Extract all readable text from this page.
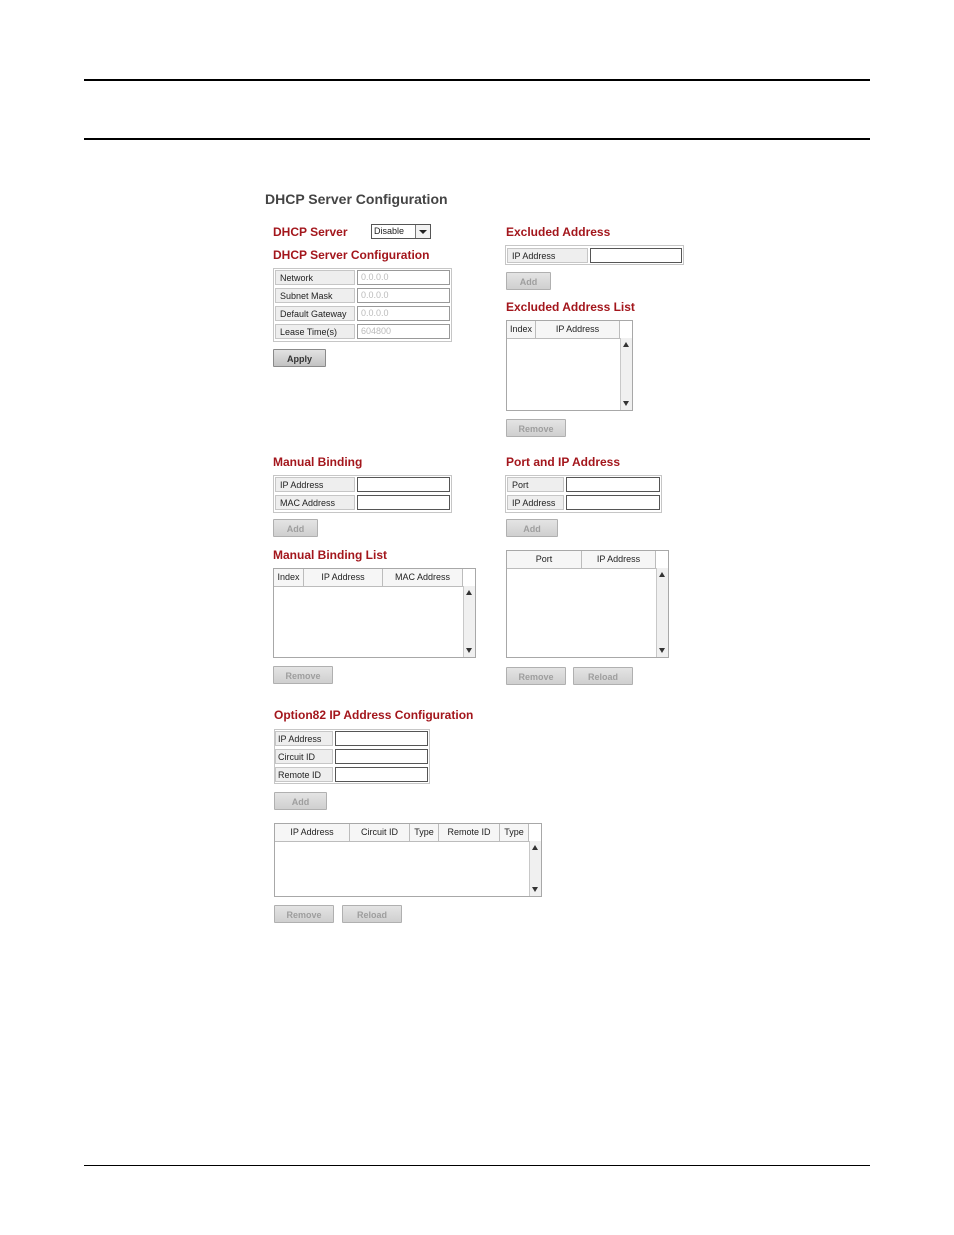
DHCP Server Configuration
DHCP Server	Disable
DHCP Server Configuration
Network	0.0.0.0
Subnet Mask	0.0.0.0
Default Gateway	0.0.0.0
Lease Time(s)	604800
Apply
Excluded Address
IP Address
Add
Excluded Address List
Index	IP Address
Remove
Manual Binding
IP Address
MAC Address
Add
Manual Binding List
Index	IP Address	MAC Address
Remove
Port and IP Address
Port
IP Address
Add
Port	IP Address
Remove	Reload
Option82 IP Address Configuration
IP Address
Circuit ID
Remote ID
Add
IP Address	Circuit ID	Type	Remote ID	Type
Remove	Reload
